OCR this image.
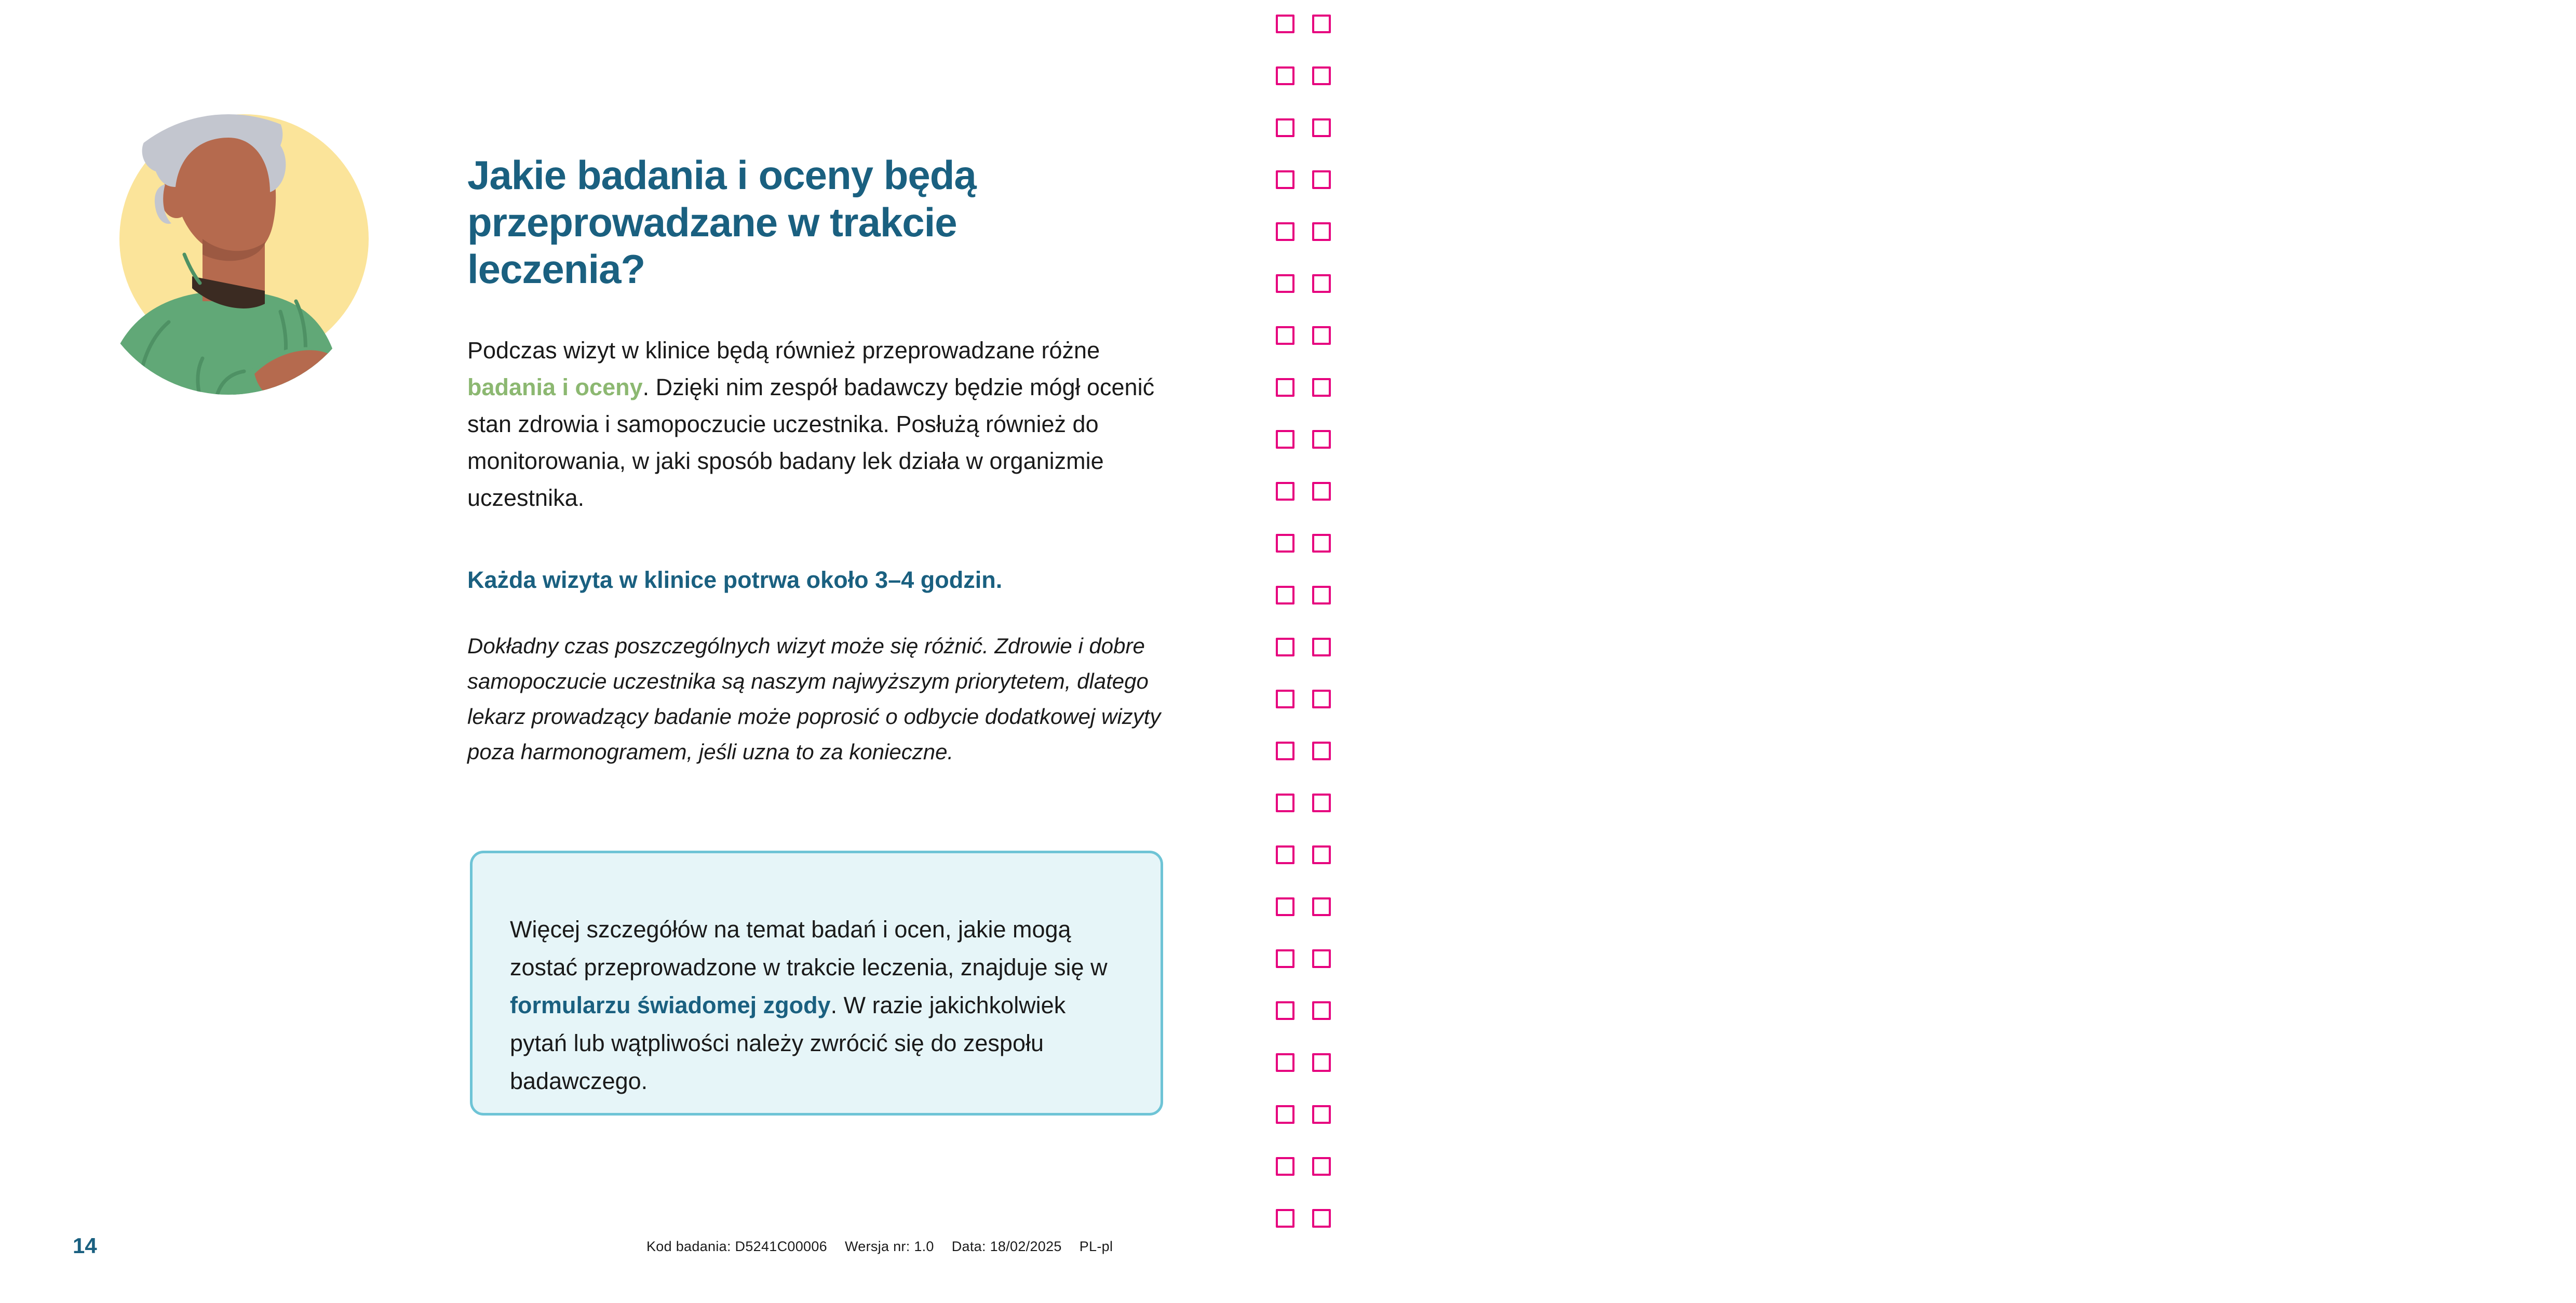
Jakie badania i oceny będą przeprowadzane w trakcie leczenia?

Podczas wizyt w klinice będą również przeprowadzane różne badania i oceny. Dzięki nim zespół badawczy będzie mógł ocenić stan zdrowia i samopoczucie uczestnika. Posłużą również do monitorowania, w jaki sposób badany lek działa w organizmie uczestnika.

Każda wizyta w klinice potrwa około 3–4 godzin.

Dokładny czas poszczególnych wizyt może się różnić. Zdrowie i dobre samopoczucie uczestnika są naszym najwyższym priorytetem, dlatego lekarz prowadzący badanie może poprosić o odbycie dodatkowej wizyty poza harmonogramem, jeśli uzna to za konieczne.

Więcej szczegółów na temat badań i ocen, jakie mogą zostać przeprowadzone w trakcie leczenia, znajduje się w formularzu świadomej zgody. W razie jakichkolwiek pytań lub wątpliwości należy zwrócić się do zespołu badawczego.

14	Kod badania: D5241C00006 Wersja nr: 1.0 Data: 18/02/2025 PL-pl
